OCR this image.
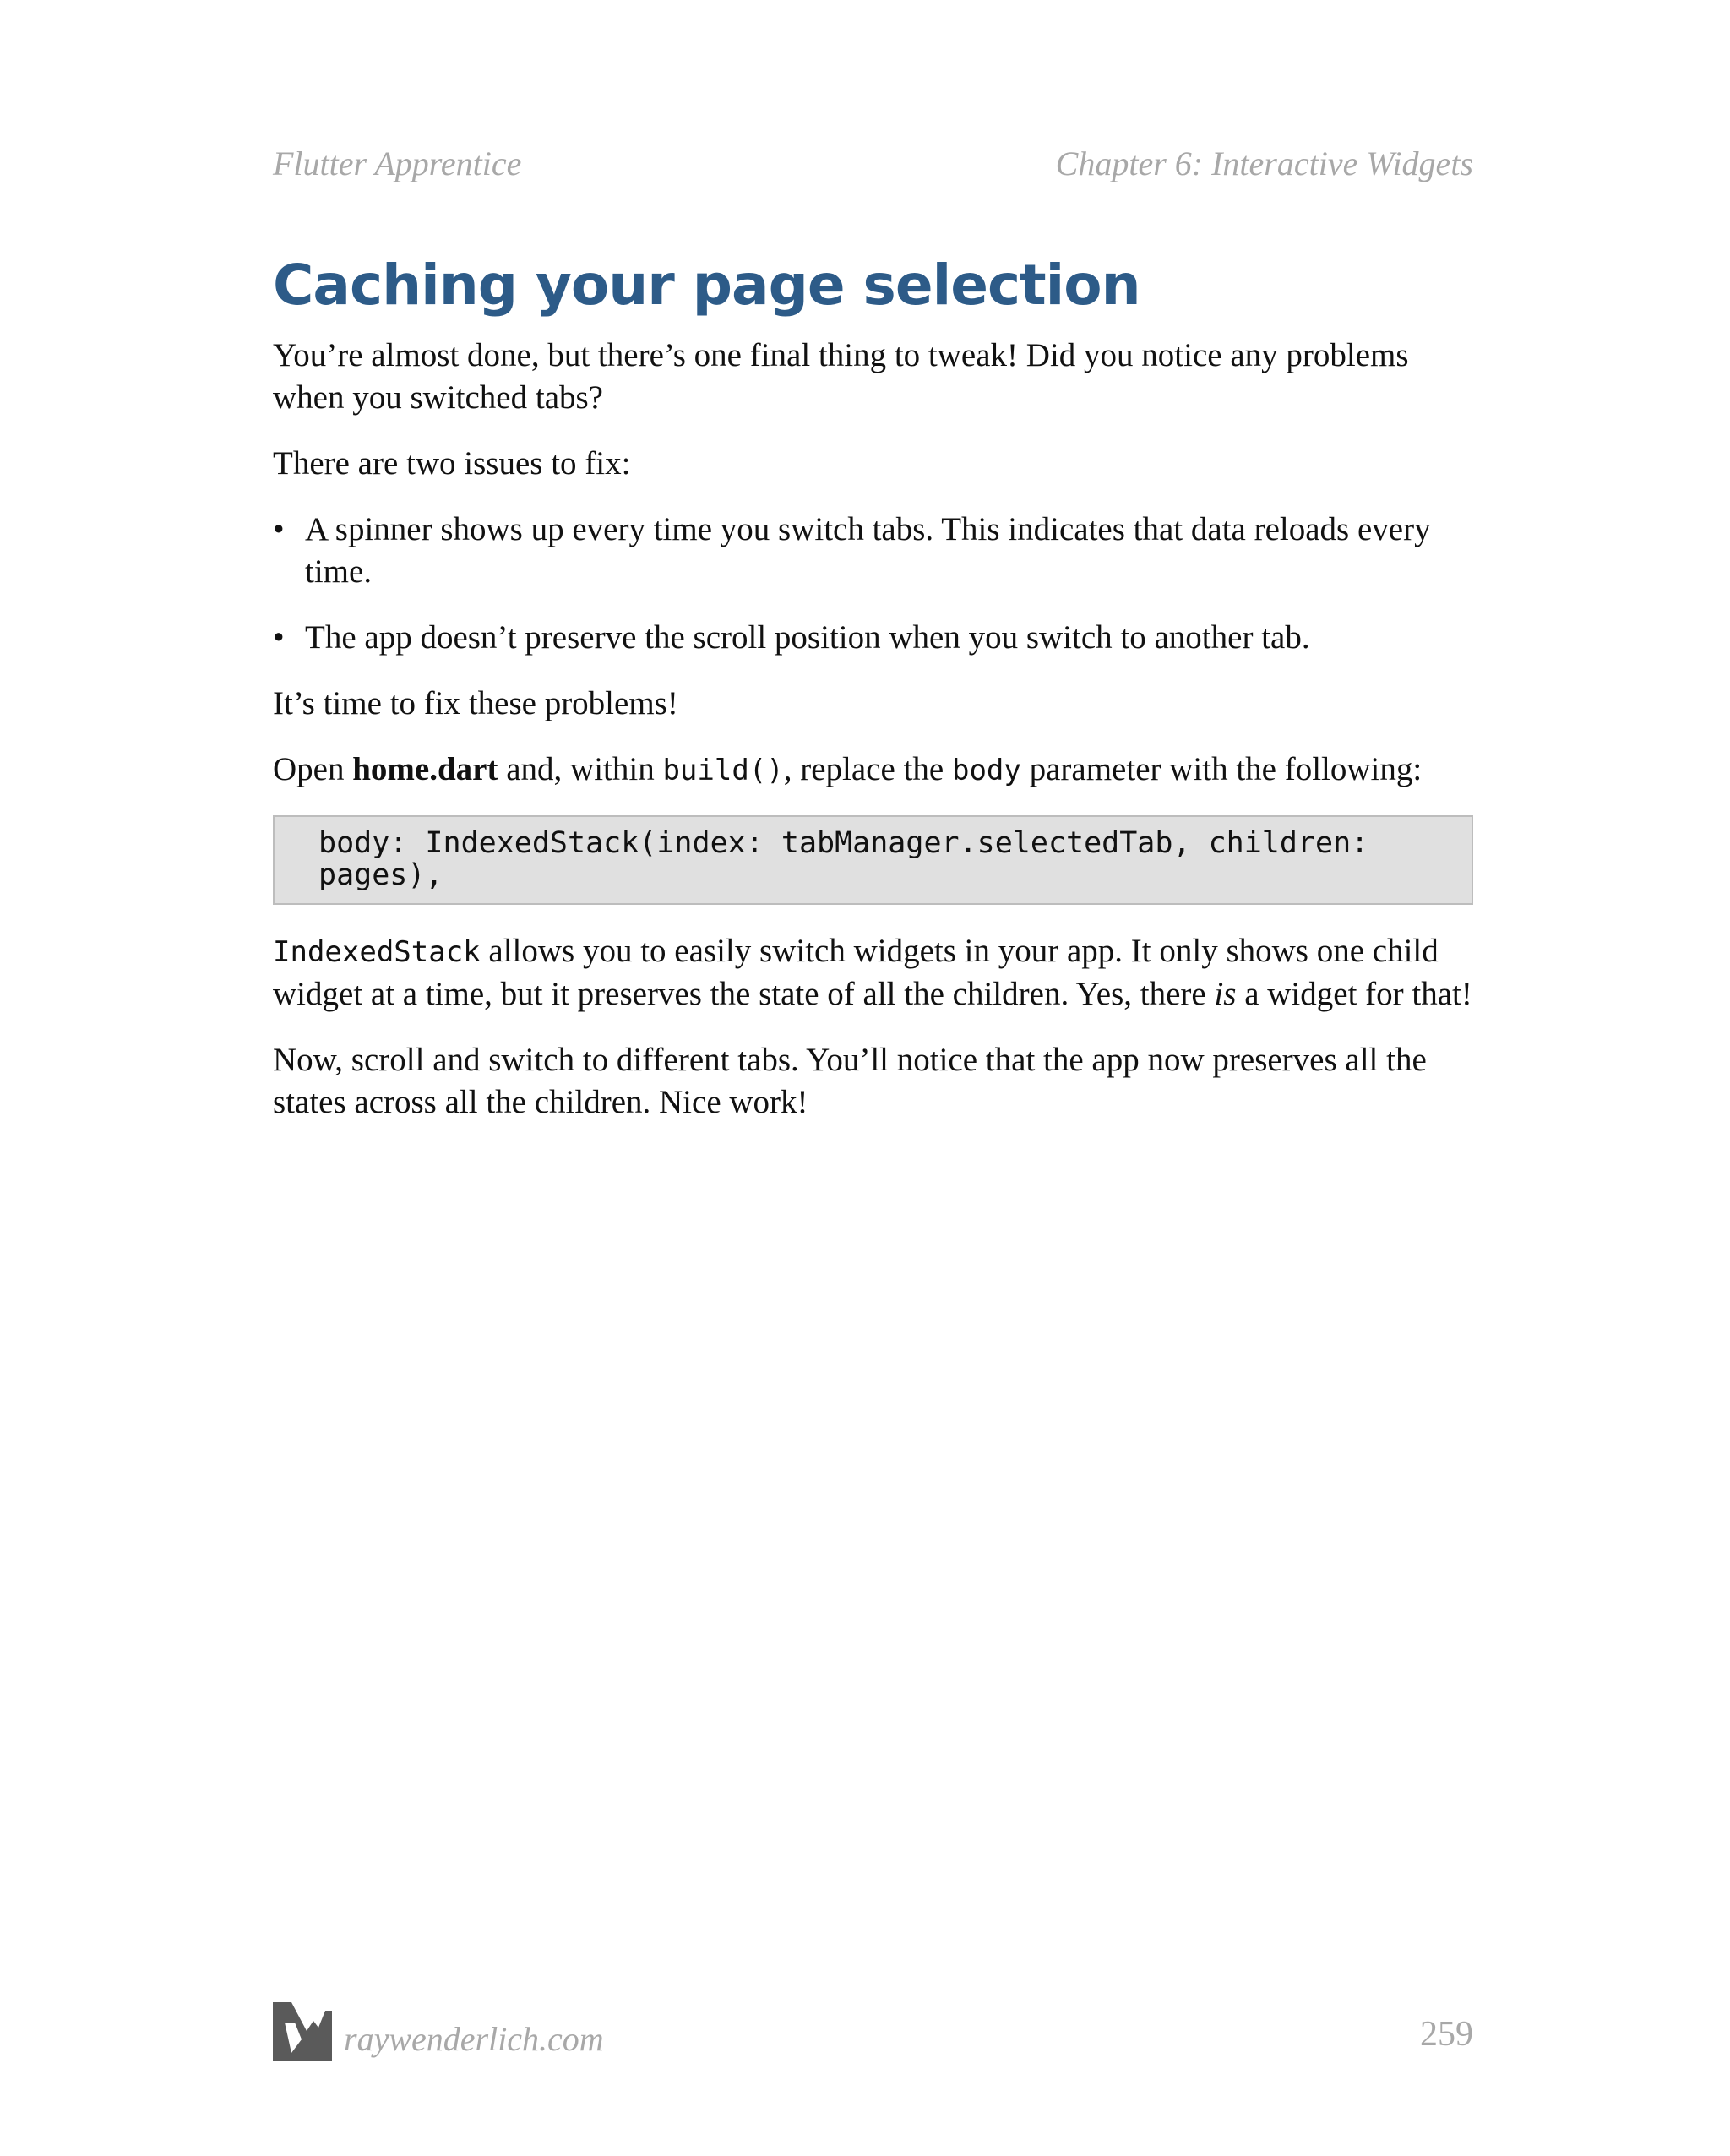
Flutter Apprentice	Chapter 6: Interactive Widgets
Caching your page selection

You’re almost done, but there’s one final thing to tweak! Did you notice any problems when you switched tabs?

There are two issues to fix:

• A spinner shows up every time you switch tabs. This indicates that data reloads every time.
• The app doesn’t preserve the scroll position when you switch to another tab.

It’s time to fix these problems!

Open home.dart and, within build(), replace the body parameter with the following:

body: IndexedStack(index: tabManager.selectedTab, children:
pages),

IndexedStack allows you to easily switch widgets in your app. It only shows one child widget at a time, but it preserves the state of all the children. Yes, there is a widget for that!

Now, scroll and switch to different tabs. You’ll notice that the app now preserves all the states across all the children. Nice work!

raywenderlich.com	259
